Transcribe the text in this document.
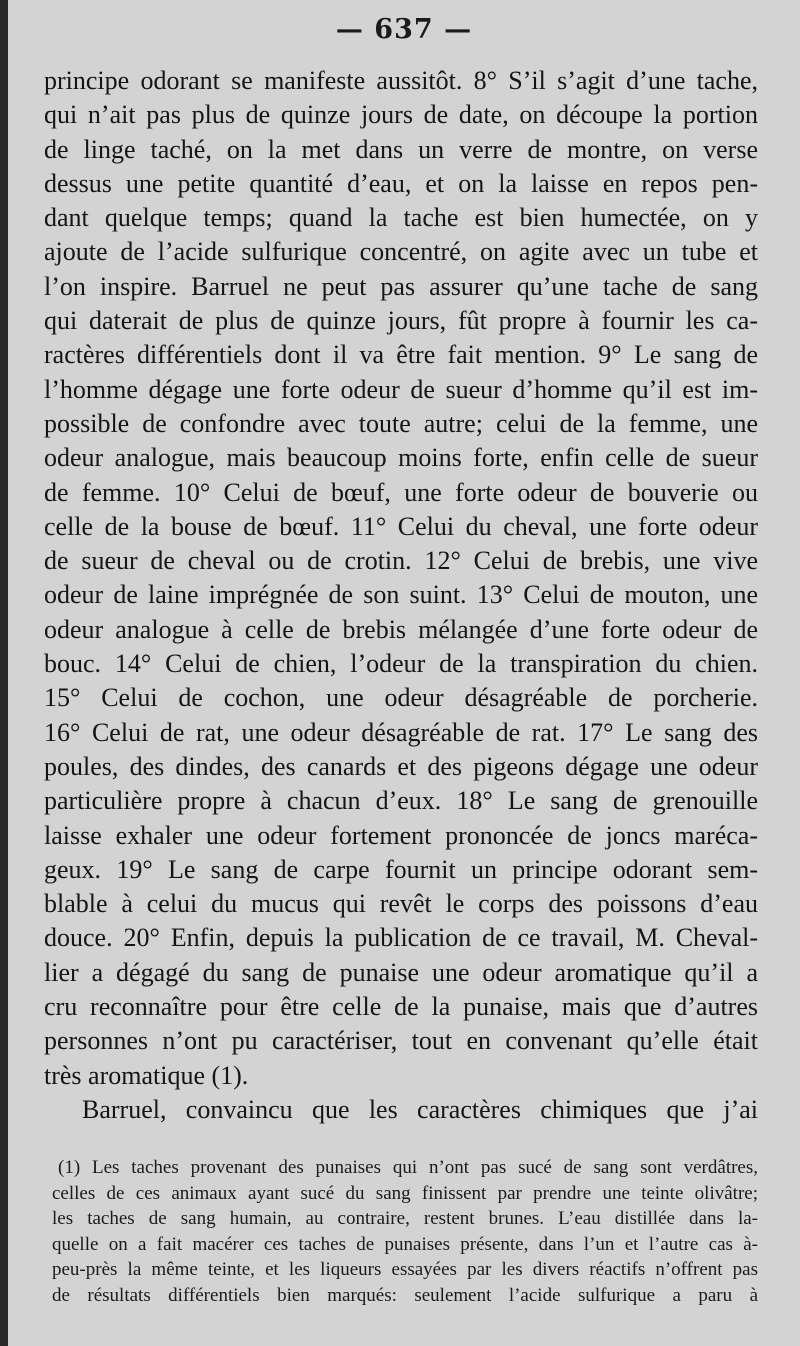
— 637 —
principe odorant se manifeste aussitôt. 8° S’il s’agit d’une tache,
qui n’ait pas plus de quinze jours de date, on découpe la portion
de linge taché, on la met dans un verre de montre, on verse
dessus une petite quantité d’eau, et on la laisse en repos pen-
dant quelque temps; quand la tache est bien humectée, on y
ajoute de l’acide sulfurique concentré, on agite avec un tube et
l’on inspire. Barruel ne peut pas assurer qu’une tache de sang
qui daterait de plus de quinze jours, fût propre à fournir les ca-
ractères différentiels dont il va être fait mention. 9° Le sang de
l’homme dégage une forte odeur de sueur d’homme qu’il est im-
possible de confondre avec toute autre; celui de la femme, une
odeur analogue, mais beaucoup moins forte, enfin celle de sueur
de femme. 10° Celui de bœuf, une forte odeur de bouverie ou
celle de la bouse de bœuf. 11° Celui du cheval, une forte odeur
de sueur de cheval ou de crotin. 12° Celui de brebis, une vive
odeur de laine imprégnée de son suint. 13° Celui de mouton, une
odeur analogue à celle de brebis mélangée d’une forte odeur de
bouc. 14° Celui de chien, l’odeur de la transpiration du chien.
15° Celui de cochon, une odeur désagréable de porcherie.
16° Celui de rat, une odeur désagréable de rat. 17° Le sang des
poules, des dindes, des canards et des pigeons dégage une odeur
particulière propre à chacun d’eux. 18° Le sang de grenouille
laisse exhaler une odeur fortement prononcée de joncs maréca-
geux. 19° Le sang de carpe fournit un principe odorant sem-
blable à celui du mucus qui revêt le corps des poissons d’eau
douce. 20° Enfin, depuis la publication de ce travail, M. Cheval-
lier a dégagé du sang de punaise une odeur aromatique qu’il a
cru reconnaître pour être celle de la punaise, mais que d’autres
personnes n’ont pu caractériser, tout en convenant qu’elle était
très aromatique (1).
Barruel, convaincu que les caractères chimiques que j’ai
(1) Les taches provenant des punaises qui n’ont pas sucé de sang sont verdâtres,
celles de ces animaux ayant sucé du sang finissent par prendre une teinte olivâtre;
les taches de sang humain, au contraire, restent brunes. L’eau distillée dans la-
quelle on a fait macérer ces taches de punaises présente, dans l’un et l’autre cas à-
peu-près la même teinte, et les liqueurs essayées par les divers réactifs n’offrent pas
de résultats différentiels bien marqués: seulement l’acide sulfurique a paru à
